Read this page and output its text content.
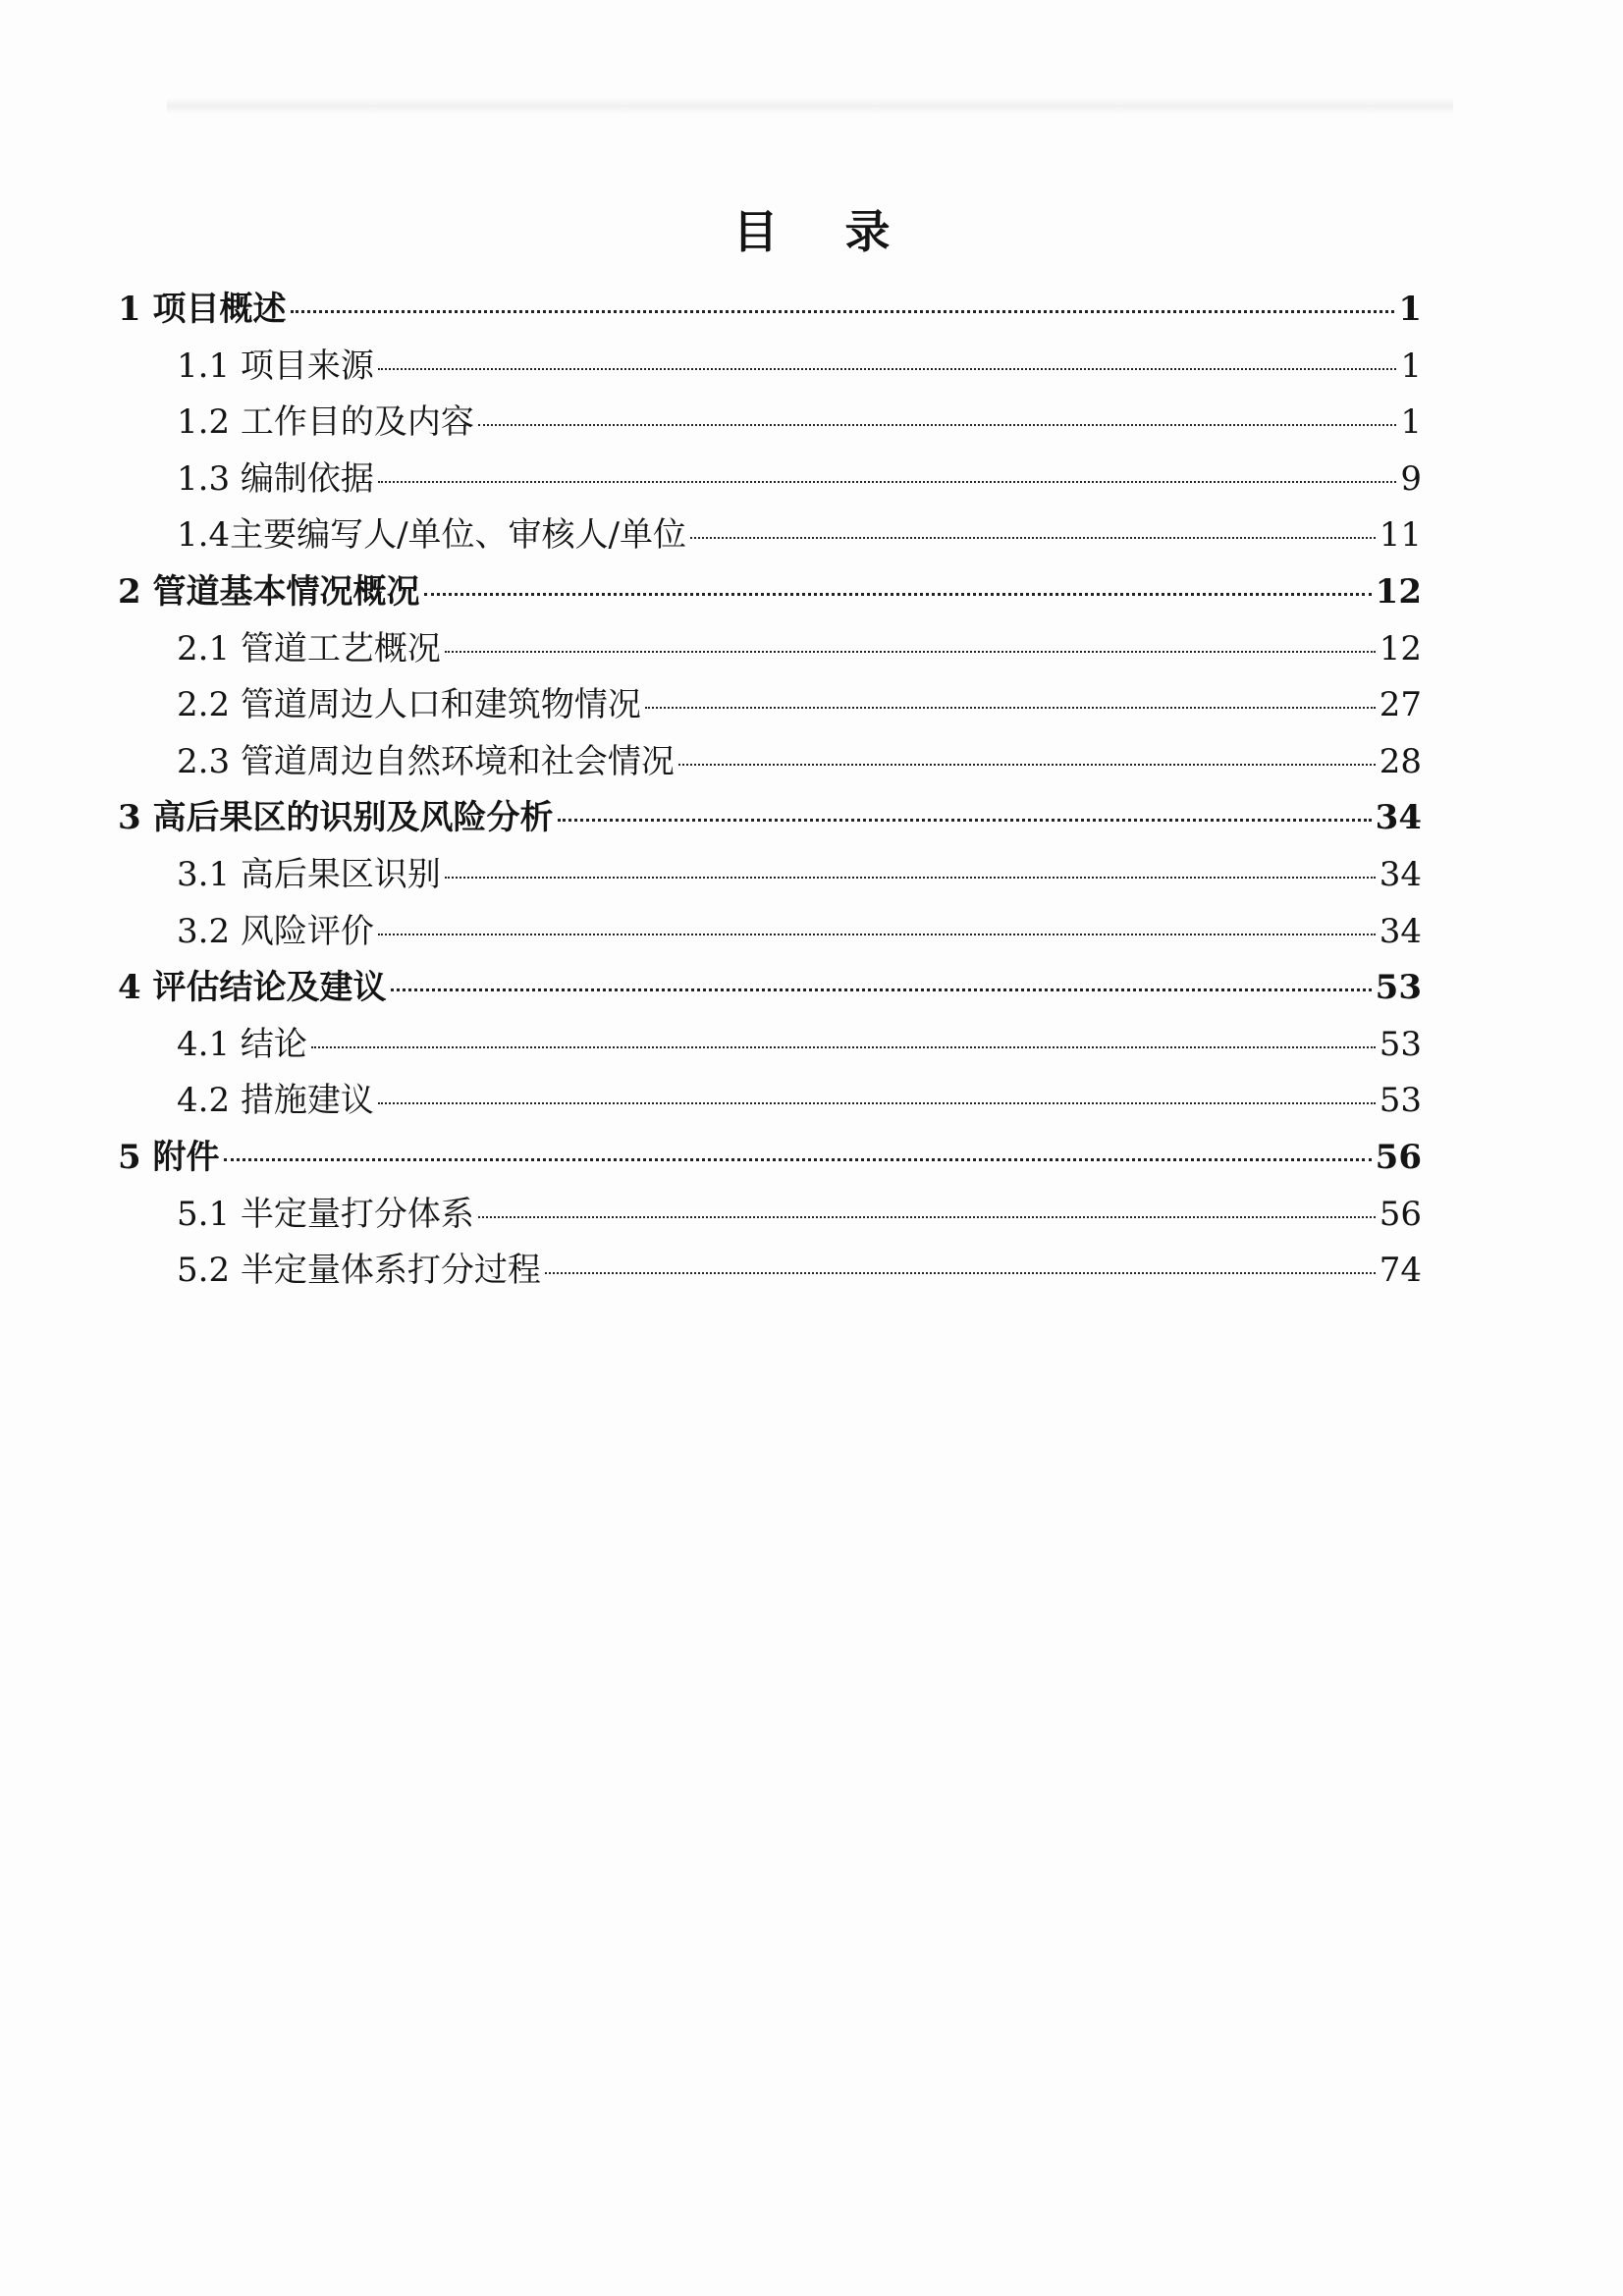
目 录
1 项目概述	1
1.1 项目来源	1
1.2 工作目的及内容	1
1.3 编制依据	9
1.4主要编写人/单位、审核人/单位	11
2 管道基本情况概况	12
2.1 管道工艺概况	12
2.2 管道周边人口和建筑物情况	27
2.3 管道周边自然环境和社会情况	28
3 高后果区的识别及风险分析	34
3.1 高后果区识别	34
3.2 风险评价	34
4 评估结论及建议	53
4.1 结论	53
4.2 措施建议	53
5 附件	56
5.1 半定量打分体系	56
5.2 半定量体系打分过程	74
